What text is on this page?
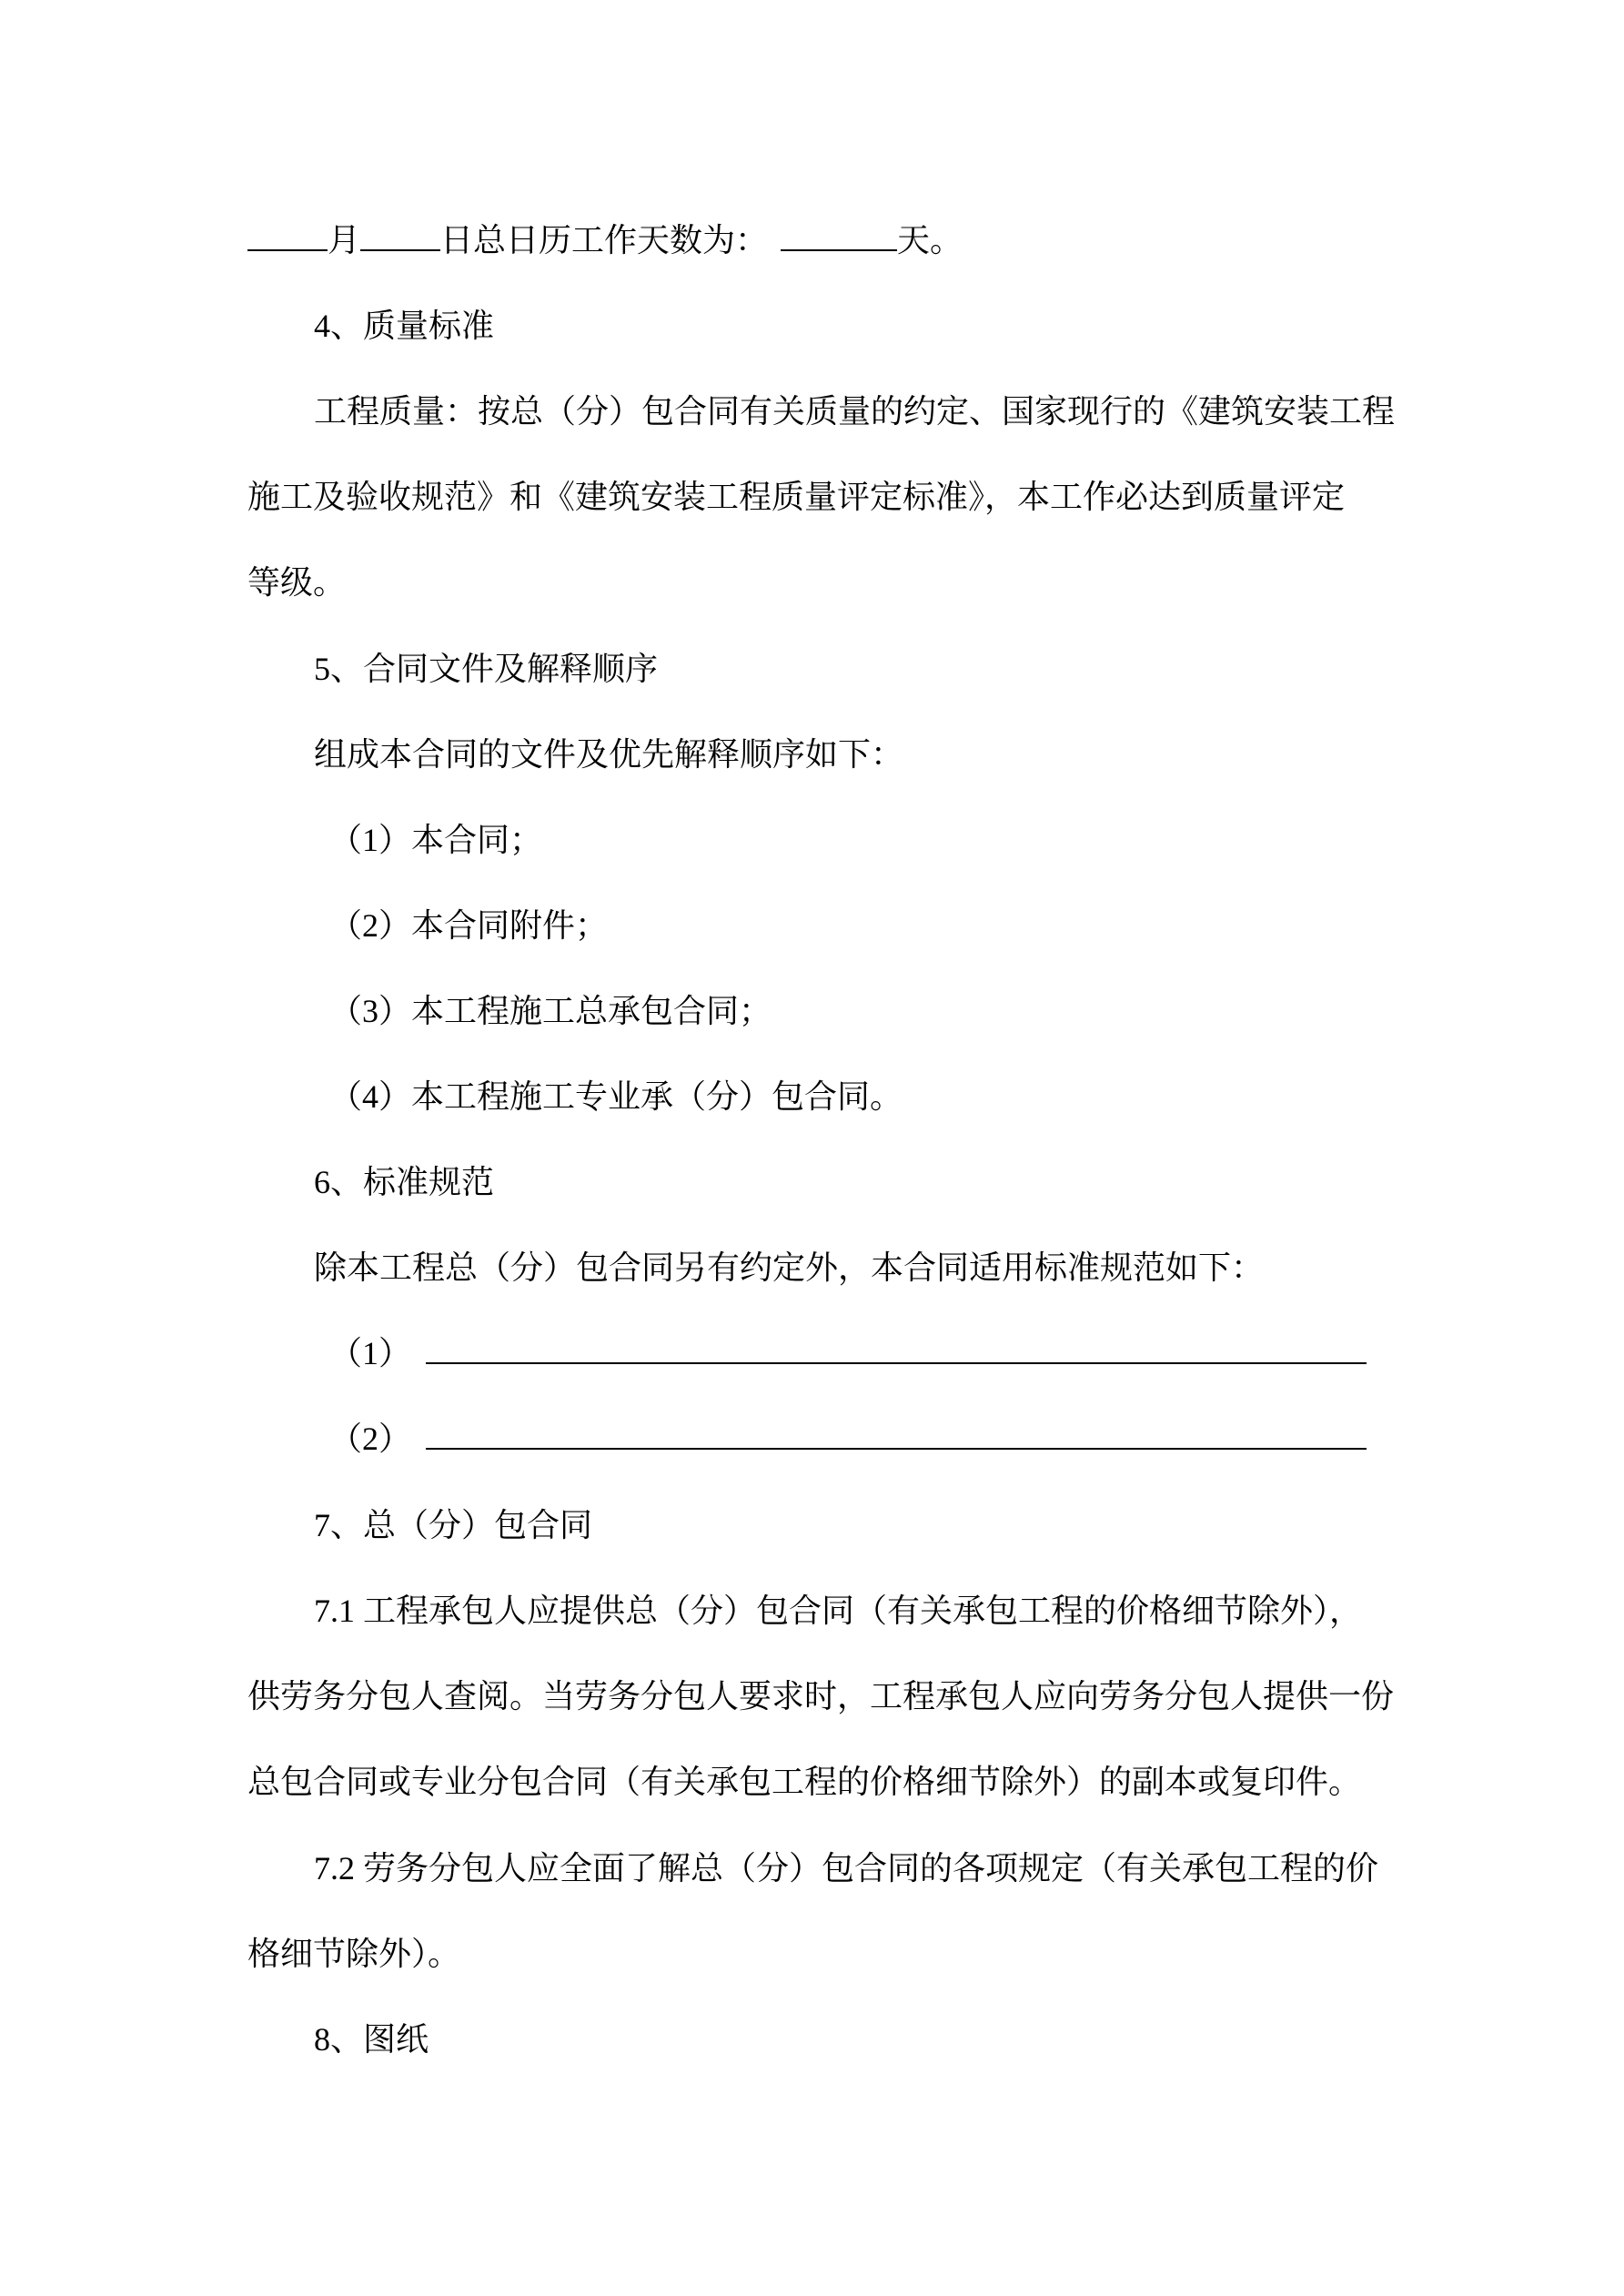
月 日总日历工作天数为：	天。
4、质量标准
工程质量：按总（分）包合同有关质量的约定、国家现行的《建筑安装工程
施工及验收规范》和《建筑安装工程质量评定标准》，本工作必达到质量评定
等级。
5、合同文件及解释顺序
组成本合同的文件及优先解释顺序如下：
（1）本合同；
（2）本合同附件；
（3）本工程施工总承包合同；
（4）本工程施工专业承（分）包合同。
6、标准规范
除本工程总（分）包合同另有约定外，本合同适用标准规范如下：
（1）
（2）
7、总（分）包合同
7.1 工程承包人应提供总（分）包合同（有关承包工程的价格细节除外），
供劳务分包人查阅。当劳务分包人要求时，工程承包人应向劳务分包人提供一份
总包合同或专业分包合同（有关承包工程的价格细节除外）的副本或复印件。
7.2 劳务分包人应全面了解总（分）包合同的各项规定（有关承包工程的价
格细节除外）。
8、图纸
